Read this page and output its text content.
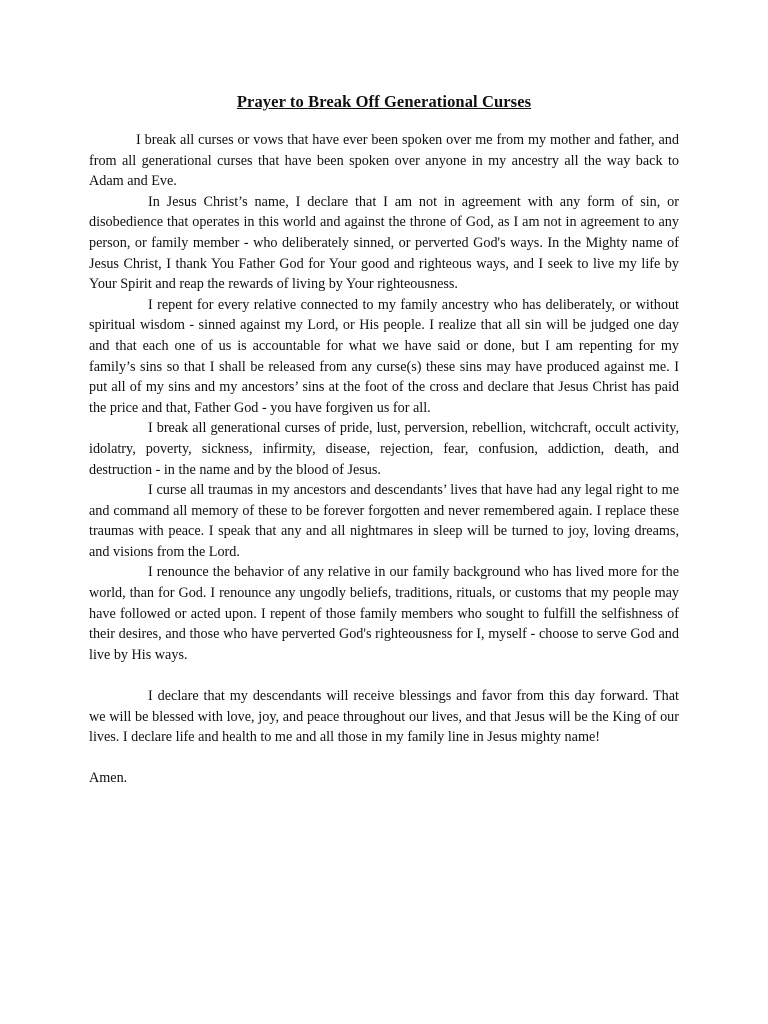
Prayer to Break Off Generational Curses

I break all curses or vows that have ever been spoken over me from my mother and father, and from all generational curses that have been spoken over anyone in my ancestry all the way back to Adam and Eve.

In Jesus Christ’s name, I declare that I am not in agreement with any form of sin, or disobedience that operates in this world and against the throne of God, as I am not in agreement to any person, or family member - who deliberately sinned, or perverted God's ways. In the Mighty name of Jesus Christ, I thank You Father God for Your good and righteous ways, and I seek to live my life by Your Spirit and reap the rewards of living by Your righteousness.

I repent for every relative connected to my family ancestry who has deliberately, or without spiritual wisdom - sinned against my Lord, or His people. I realize that all sin will be judged one day and that each one of us is accountable for what we have said or done, but I am repenting for my family’s sins so that I shall be released from any curse(s) these sins may have produced against me. I put all of my sins and my ancestors’ sins at the foot of the cross and declare that Jesus Christ has paid the price and that, Father God - you have forgiven us for all.

I break all generational curses of pride, lust, perversion, rebellion, witchcraft, occult activity, idolatry, poverty, sickness, infirmity, disease, rejection, fear, confusion, addiction, death, and destruction - in the name and by the blood of Jesus.

I curse all traumas in my ancestors and descendants’ lives that have had any legal right to me and command all memory of these to be forever forgotten and never remembered again. I replace these traumas with peace. I speak that any and all nightmares in sleep will be turned to joy, loving dreams, and visions from the Lord.

I renounce the behavior of any relative in our family background who has lived more for the world, than for God. I renounce any ungodly beliefs, traditions, rituals, or customs that my people may have followed or acted upon. I repent of those family members who sought to fulfill the selfishness of their desires, and those who have perverted God's righteousness for I, myself - choose to serve God and live by His ways.

I declare that my descendants will receive blessings and favor from this day forward. That we will be blessed with love, joy, and peace throughout our lives, and that Jesus will be the King of our lives. I declare life and health to me and all those in my family line in Jesus mighty name!

Amen.
